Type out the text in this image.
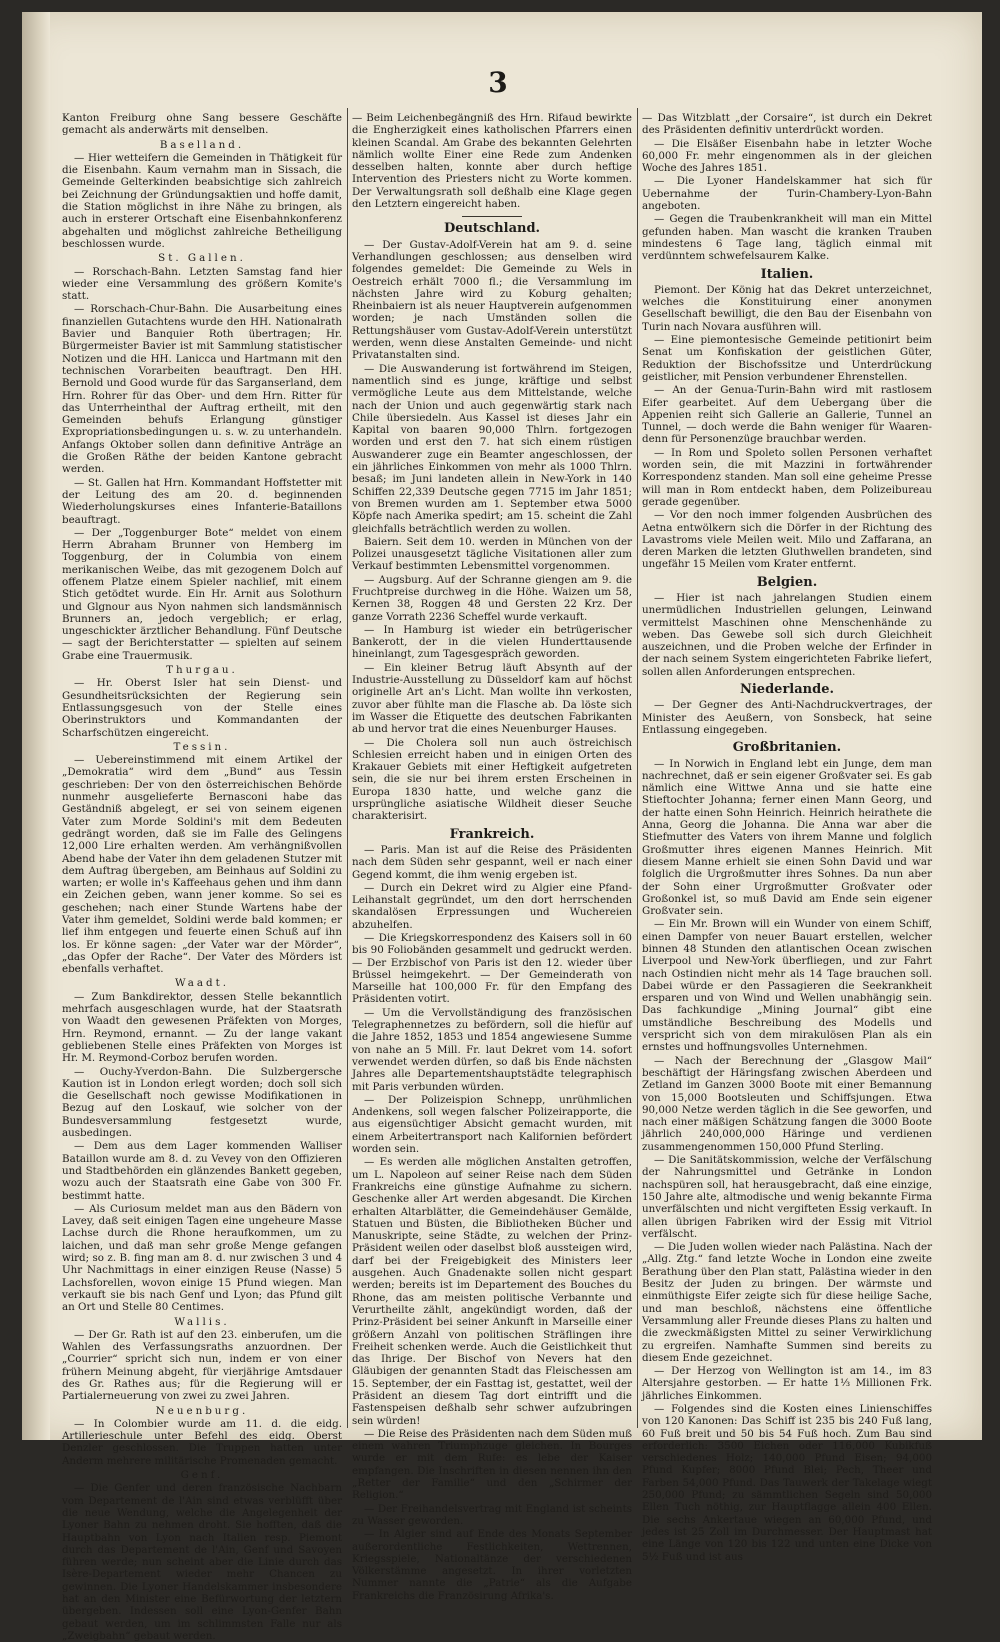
3

Kanton Freiburg ohne Sang bessere Geschäfte gemacht als anderwärts mit denselben.

Baselland.

— Hier wetteifern die Gemeinden in Thätigkeit für die Eisenbahn. Kaum vernahm man in Sissach, die Gemeinde Gelterkinden beabsichtige sich zahlreich bei Zeichnung der Gründungsaktien und hoffe damit, die Station möglichst in ihre Nähe zu bringen, als auch in ersterer Ortschaft eine Eisenbahnkonferenz abgehalten und möglichst zahlreiche Betheiligung beschlossen wurde.

St. Gallen.

— Rorschach-Bahn. Letzten Samstag fand hier wieder eine Versammlung des größern Komite's statt.

— Rorschach-Chur-Bahn. Die Ausarbeitung eines finanziellen Gutachtens wurde den HH. Nationalrath Bavier und Banquier Roth übertragen; Hr. Bürgermeister Bavier ist mit Sammlung statistischer Notizen und die HH. Lanicca und Hartmann mit den technischen Vorarbeiten beauftragt. Den HH. Bernold und Good wurde für das Sarganserland, dem Hrn. Rohrer für das Ober- und dem Hrn. Ritter für das Unterrheinthal der Auftrag ertheilt, mit den Gemeinden behufs Erlangung günstiger Expropriationsbedingungen u. s. w. zu unterhandeln. Anfangs Oktober sollen dann definitive Anträge an die Großen Räthe der beiden Kantone gebracht werden.

— St. Gallen hat Hrn. Kommandant Hoffstetter mit der Leitung des am 20. d. beginnenden Wiederholungskurses eines Infanterie-Bataillons beauftragt.

— Der „Toggenburger Bote“ meldet von einem Herrn Abraham Brunner von Hemberg im Toggenburg, der in Columbia von einem merikanischen Weibe, das mit gezogenem Dolch auf offenem Platze einem Spieler nachlief, mit einem Stich getödtet wurde. Ein Hr. Arnit aus Solothurn und Glgnour aus Nyon nahmen sich landsmännisch Brunners an, jedoch vergeblich; er erlag, ungeschickter ärztlicher Behandlung. Fünf Deutsche — sagt der Berichterstatter — spielten auf seinem Grabe eine Trauermusik.

Thurgau.

— Hr. Oberst Isler hat sein Dienst- und Gesundheitsrücksichten der Regierung sein Entlassungsgesuch von der Stelle eines Oberinstruktors und Kommandanten der Scharfschützen eingereicht.

Tessin.

— Uebereinstimmend mit einem Artikel der „Demokratia“ wird dem „Bund“ aus Tessin geschrieben: Der von den österreichischen Behörde nunmehr ausgelieferte Bernasconi habe das Geständniß abgelegt, er sei von seinem eigenen Vater zum Morde Soldini's mit dem Bedeuten gedrängt worden, daß sie im Falle des Gelingens 12,000 Lire erhalten werden. Am verhängnißvollen Abend habe der Vater ihn dem geladenen Stutzer mit dem Auftrag übergeben, am Beinhaus auf Soldini zu warten; er wolle in's Kaffeehaus gehen und ihm dann ein Zeichen geben, wann jener komme. So sei es geschehen; nach einer Stunde Wartens habe der Vater ihm gemeldet, Soldini werde bald kommen; er lief ihm entgegen und feuerte einen Schuß auf ihn los. Er könne sagen: „der Vater war der Mörder“, „das Opfer der Rache“. Der Vater des Mörders ist ebenfalls verhaftet.

Waadt.

— Zum Bankdirektor, dessen Stelle bekanntlich mehrfach ausgeschlagen wurde, hat der Staatsrath von Waadt den gewesenen Präfekten von Morges, Hrn. Reymond, ernannt. — Zu der lange vakant gebliebenen Stelle eines Präfekten von Morges ist Hr. M. Reymond-Corboz berufen worden.

— Ouchy-Yverdon-Bahn. Die Sulzbergersche Kaution ist in London erlegt worden; doch soll sich die Gesellschaft noch gewisse Modifikationen in Bezug auf den Loskauf, wie solcher von der Bundesversammlung festgesetzt wurde, ausbedingen.

— Dem aus dem Lager kommenden Walliser Bataillon wurde am 8. d. zu Vevey von den Offizieren und Stadtbehörden ein glänzendes Bankett gegeben, wozu auch der Staatsrath eine Gabe von 300 Fr. bestimmt hatte.

— Als Curiosum meldet man aus den Bädern von Lavey, daß seit einigen Tagen eine ungeheure Masse Lachse durch die Rhone heraufkommen, um zu laichen, und daß man sehr große Menge gefangen wird; so z. B. fing man am 8. d. nur zwischen 3 und 4 Uhr Nachmittags in einer einzigen Reuse (Nasse) 5 Lachsforellen, wovon einige 15 Pfund wiegen. Man verkauft sie bis nach Genf und Lyon; das Pfund gilt an Ort und Stelle 80 Centimes.

Wallis.

— Der Gr. Rath ist auf den 23. einberufen, um die Wahlen des Verfassungsraths anzuordnen. Der „Courrier“ spricht sich nun, indem er von einer frühern Meinung abgeht, für vierjährige Amtsdauer des Gr. Rathes aus; für die Regierung will er Partialerneuerung von zwei zu zwei Jahren.

Neuenburg.

— In Colombier wurde am 11. d. die eidg. Artillerieschule unter Befehl des eidg. Oberst Denzler geschlossen. Die Truppen hatten unter Anderm mehrere militärische Promenaden gemacht.

Genf.

— Die Genfer und deren französische Nachbarn vom Departement de l'Ain sind etwas verblüfft über die neue Wendung, welche die Angelegenheit der Lyoner Bahn zu nehmen droht. Sie hofften, daß die Hauptbahn von Lyon nach Italien resp. Piemont durch das Departement de l'Ain, Genf und Savoyen führen werde; nun scheint aber die Linie durch das Isère-Departement wieder mehr Chancen zu gewinnen. Die Lyoner Handelskammer insbesondere hat an den Minister eine Befürwortung der letztern übergeben. Indessen soll eine Lyon-Genfer Bahn gebaut werden, um im schlimmsten Falle nur als „Zweigbahn“ gebaut werden.

— Beim Leichenbegängniß des Hrn. Rifaud bewirkte die Engherzigkeit eines katholischen Pfarrers einen kleinen Scandal. Am Grabe des bekannten Gelehrten nämlich wollte Einer eine Rede zum Andenken desselben halten, konnte aber durch heftige Intervention des Priesters nicht zu Worte kommen. Der Verwaltungsrath soll deßhalb eine Klage gegen den Letztern eingereicht haben.

Deutschland.

— Der Gustav-Adolf-Verein hat am 9. d. seine Verhandlungen geschlossen; aus denselben wird folgendes gemeldet: Die Gemeinde zu Wels in Oestreich erhält 7000 fl.; die Versammlung im nächsten Jahre wird zu Koburg gehalten; Rheinbaiern ist als neuer Hauptverein aufgenommen worden; je nach Umständen sollen die Rettungshäuser vom Gustav-Adolf-Verein unterstützt werden, wenn diese Anstalten Gemeinde- und nicht Privatanstalten sind.

— Die Auswanderung ist fortwährend im Steigen, namentlich sind es junge, kräftige und selbst vermögliche Leute aus dem Mittelstande, welche nach der Union und auch gegenwärtig stark nach Chile übersiedeln. Aus Kassel ist dieses Jahr ein Kapital von baaren 90,000 Thlrn. fortgezogen worden und erst den 7. hat sich einem rüstigen Auswanderer zuge ein Beamter angeschlossen, der ein jährliches Einkommen von mehr als 1000 Thlrn. besaß; im Juni landeten allein in New-York in 140 Schiffen 22,339 Deutsche gegen 7715 im Jahr 1851; von Bremen wurden am 1. September etwa 5000 Köpfe nach Amerika spedirt; am 15. scheint die Zahl gleichfalls beträchtlich werden zu wollen.

Baiern. Seit dem 10. werden in München von der Polizei unausgesetzt tägliche Visitationen aller zum Verkauf bestimmten Lebensmittel vorgenommen.

— Augsburg. Auf der Schranne giengen am 9. die Fruchtpreise durchweg in die Höhe. Waizen um 58, Kernen 38, Roggen 48 und Gersten 22 Krz. Der ganze Vorrath 2236 Scheffel wurde verkauft.

— In Hamburg ist wieder ein betrügerischer Bankerott, der in die vielen Hunderttausende hineinlangt, zum Tagesgespräch geworden.

— Ein kleiner Betrug läuft Absynth auf der Industrie-Ausstellung zu Düsseldorf kam auf höchst originelle Art an's Licht. Man wollte ihn verkosten, zuvor aber fühlte man die Flasche ab. Da löste sich im Wasser die Etiquette des deutschen Fabrikanten ab und hervor trat die eines Neuenburger Hauses.

— Die Cholera soll nun auch östreichisch Schlesien erreicht haben und in einigen Orten des Krakauer Gebiets mit einer Heftigkeit aufgetreten sein, die sie nur bei ihrem ersten Erscheinen in Europa 1830 hatte, und welche ganz die ursprüngliche asiatische Wildheit dieser Seuche charakterisirt.

Frankreich.

— Paris. Man ist auf die Reise des Präsidenten nach dem Süden sehr gespannt, weil er nach einer Gegend kommt, die ihm wenig ergeben ist.

— Durch ein Dekret wird zu Algier eine Pfand-Leihanstalt gegründet, um den dort herrschenden skandalösen Erpressungen und Wuchereien abzuhelfen.

— Die Kriegskorrespondenz des Kaisers soll in 60 bis 90 Foliobänden gesammelt und gedruckt werden. — Der Erzbischof von Paris ist den 12. wieder über Brüssel heimgekehrt. — Der Gemeinderath von Marseille hat 100,000 Fr. für den Empfang des Präsidenten votirt.

— Um die Vervollständigung des französischen Telegraphennetzes zu befördern, soll die hiefür auf die Jahre 1852, 1853 und 1854 angewiesene Summe von nahe an 5 Mill. Fr. laut Dekret vom 14. sofort verwendet werden dürfen, so daß bis Ende nächsten Jahres alle Departementshauptstädte telegraphisch mit Paris verbunden würden.

— Der Polizeispion Schnepp, unrühmlichen Andenkens, soll wegen falscher Polizeirapporte, die aus eigensüchtiger Absicht gemacht wurden, mit einem Arbeitertransport nach Kalifornien befördert worden sein.

— Es werden alle möglichen Anstalten getroffen, um L. Napoleon auf seiner Reise nach dem Süden Frankreichs eine günstige Aufnahme zu sichern. Geschenke aller Art werden abgesandt. Die Kirchen erhalten Altarblätter, die Gemeindehäuser Gemälde, Statuen und Büsten, die Bibliotheken Bücher und Manuskripte, seine Städte, zu welchen der Prinz-Präsident weilen oder daselbst bloß aussteigen wird, darf bei der Freigebigkeit des Ministers leer ausgehen. Auch Gnadenakte sollen nicht gespart werden; bereits ist im Departement des Bouches du Rhone, das am meisten politische Verbannte und Verurtheilte zählt, angekündigt worden, daß der Prinz-Präsident bei seiner Ankunft in Marseille einer größern Anzahl von politischen Sträflingen ihre Freiheit schenken werde. Auch die Geistlichkeit thut das Ihrige. Der Bischof von Nevers hat den Gläubigen der genannten Stadt das Fleischessen am 15. September, der ein Fasttag ist, gestattet, weil der Präsident an diesem Tag dort eintrifft und die Fastenspeisen deßhalb sehr schwer aufzubringen sein würden!

— Die Reise des Präsidenten nach dem Süden muß einem wahren Triumphzuge gleichen. In Bourges wurde er mit dem Rufe: es lebe der Kaiser empfangen. Die Inschriften in diesen nennen ihn den „Retter der Familie“ und den „Schirmer der Religion.“

— Der Freihandelsvertrag mit England ist scheints zu Wasser geworden.

— In Algier sind auf Ende des Monats September außerordentliche Festlichkeiten, Wettrennen, Kriegsspiele, Nationaltänze der verschiedenen Völkerstämme angesetzt. In ihrer vorletzten Nummer nannte die „Patrie“ als die Aufgabe Frankreichs die Französirung Afrika's.

— Das Witzblatt „der Corsaire“, ist durch ein Dekret des Präsidenten definitiv unterdrückt worden.

— Die Elsäßer Eisenbahn habe in letzter Woche 60,000 Fr. mehr eingenommen als in der gleichen Woche des Jahres 1851.

— Die Lyoner Handelskammer hat sich für Uebernahme der Turin-Chambery-Lyon-Bahn angeboten.

— Gegen die Traubenkrankheit will man ein Mittel gefunden haben. Man wascht die kranken Trauben mindestens 6 Tage lang, täglich einmal mit verdünntem schwefelsaurem Kalke.

Italien.

Piemont. Der König hat das Dekret unterzeichnet, welches die Konstituirung einer anonymen Gesellschaft bewilligt, die den Bau der Eisenbahn von Turin nach Novara ausführen will.

— Eine piemontesische Gemeinde petitionirt beim Senat um Konfiskation der geistlichen Güter, Reduktion der Bischofssitze und Unterdrückung geistlicher, mit Pension verbundener Ehrenstellen.

— An der Genua-Turin-Bahn wird mit rastlosem Eifer gearbeitet. Auf dem Uebergang über die Appenien reiht sich Gallerie an Gallerie, Tunnel an Tunnel, — doch werde die Bahn weniger für Waaren- denn für Personenzüge brauchbar werden.

— In Rom und Spoleto sollen Personen verhaftet worden sein, die mit Mazzini in fortwährender Korrespondenz standen. Man soll eine geheime Presse will man in Rom entdeckt haben, dem Polizeibureau gerade gegenüber.

— Vor den noch immer folgenden Ausbrüchen des Aetna entwölkern sich die Dörfer in der Richtung des Lavastroms viele Meilen weit. Milo und Zaffarana, an deren Marken die letzten Gluthwellen brandeten, sind ungefähr 15 Meilen vom Krater entfernt.

Belgien.

— Hier ist nach jahrelangen Studien einem unermüdlichen Industriellen gelungen, Leinwand vermittelst Maschinen ohne Menschenhände zu weben. Das Gewebe soll sich durch Gleichheit auszeichnen, und die Proben welche der Erfinder in der nach seinem System eingerichteten Fabrike liefert, sollen allen Anforderungen entsprechen.

Niederlande.

— Der Gegner des Anti-Nachdruckvertrages, der Minister des Aeußern, von Sonsbeck, hat seine Entlassung eingegeben.

Großbritanien.

— In Norwich in England lebt ein Junge, dem man nachrechnet, daß er sein eigener Großvater sei. Es gab nämlich eine Wittwe Anna und sie hatte eine Stieftochter Johanna; ferner einen Mann Georg, und der hatte einen Sohn Heinrich. Heinrich heirathete die Anna, Georg die Johanna. Die Anna war aber die Stiefmutter des Vaters von ihrem Manne und folglich Großmutter ihres eigenen Mannes Heinrich. Mit diesem Manne erhielt sie einen Sohn David und war folglich die Urgroßmutter ihres Sohnes. Da nun aber der Sohn einer Urgroßmutter Großvater oder Großonkel ist, so muß David am Ende sein eigener Großvater sein.

— Ein Mr. Brown will ein Wunder von einem Schiff, einen Dampfer von neuer Bauart erstellen, welcher binnen 48 Stunden den atlantischen Ocean zwischen Liverpool und New-York überfliegen, und zur Fahrt nach Ostindien nicht mehr als 14 Tage brauchen soll. Dabei würde er den Passagieren die Seekrankheit ersparen und von Wind und Wellen unabhängig sein. Das fachkundige „Mining Journal“ gibt eine umständliche Beschreibung des Modells und verspricht sich von dem mirakulösen Plan als ein ernstes und hoffnungsvolles Unternehmen.

— Nach der Berechnung der „Glasgow Mail“ beschäftigt der Häringsfang zwischen Aberdeen und Zetland im Ganzen 3000 Boote mit einer Bemannung von 15,000 Bootsleuten und Schiffsjungen. Etwa 90,000 Netze werden täglich in die See geworfen, und nach einer mäßigen Schätzung fangen die 3000 Boote jährlich 240,000,000 Häringe und verdienen zusammengenommen 150,000 Pfund Sterling.

— Die Sanitätskommission, welche der Verfälschung der Nahrungsmittel und Getränke in London nachspüren soll, hat herausgebracht, daß eine einzige, 150 Jahre alte, altmodische und wenig bekannte Firma unverfälschten und nicht vergifteten Essig verkauft. In allen übrigen Fabriken wird der Essig mit Vitriol verfälscht.

— Die Juden wollen wieder nach Palästina. Nach der „Allg. Ztg.“ fand letzte Woche in London eine zweite Berathung über den Plan statt, Palästina wieder in den Besitz der Juden zu bringen. Der wärmste und einmüthigste Eifer zeigte sich für diese heilige Sache, und man beschloß, nächstens eine öffentliche Versammlung aller Freunde dieses Plans zu halten und die zweckmäßigsten Mittel zu seiner Verwirklichung zu ergreifen. Namhafte Summen sind bereits zu diesem Ende gezeichnet.

— Der Herzog von Wellington ist am 14., im 83 Altersjahre gestorben. — Er hatte 1⅓ Millionen Frk. jährliches Einkommen.

— Folgendes sind die Kosten eines Linienschiffes von 120 Kanonen: Das Schiff ist 235 bis 240 Fuß lang, 60 Fuß breit und 50 bis 54 Fuß hoch. Zum Bau sind erforderlich: 3500 Eichen oder 116,000 Kubikfuß verschiedenes Holz; 140,000 Pfund Eisen; 94,000 Pfund Kupfer; 8000 Pfund Blei; Pech, Theer und Farben 54,000 Pfund. Das Tauwerk der Takelage wiegt 250,000 Pfund; zu sämmtlichen Segeln sind 50,000 Ellen Tuch nöthig, zur Hauptflagge allein 400 Ellen. Die sechs Ankertaue wiegen an 60,000 Pfund, und jedes ist 25 Zoll im Durchmesser. Der Hauptmast hat eine Länge von 120 bis 122 und unten eine Dicke von 5½ Fuß und ist aus
